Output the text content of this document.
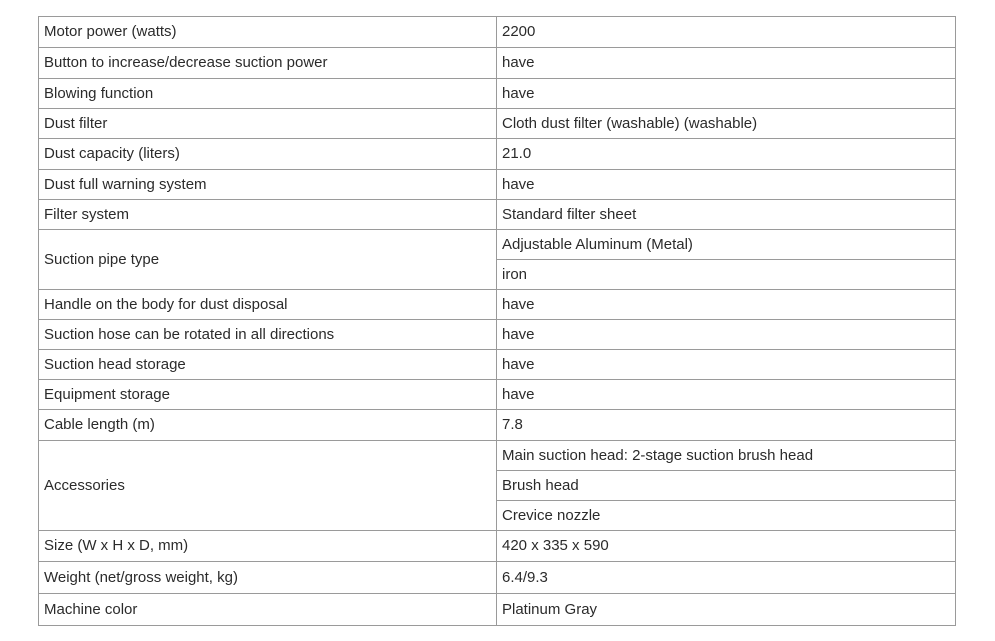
Motor power (watts)	2200
Button to increase/decrease suction power	have
Blowing function	have
Dust filter	Cloth dust filter (washable) (washable)
Dust capacity (liters)	21.0
Dust full warning system	have
Filter system	Standard filter sheet
Suction pipe type	Adjustable Aluminum (Metal)
	iron
Handle on the body for dust disposal	have
Suction hose can be rotated in all directions	have
Suction head storage	have
Equipment storage	have
Cable length (m)	7.8
Accessories	Main suction head: 2-stage suction brush head
	Brush head
	Crevice nozzle
Size (W x H x D, mm)	420 x 335 x 590
Weight (net/gross weight, kg)	6.4/9.3
Machine color	Platinum Gray
